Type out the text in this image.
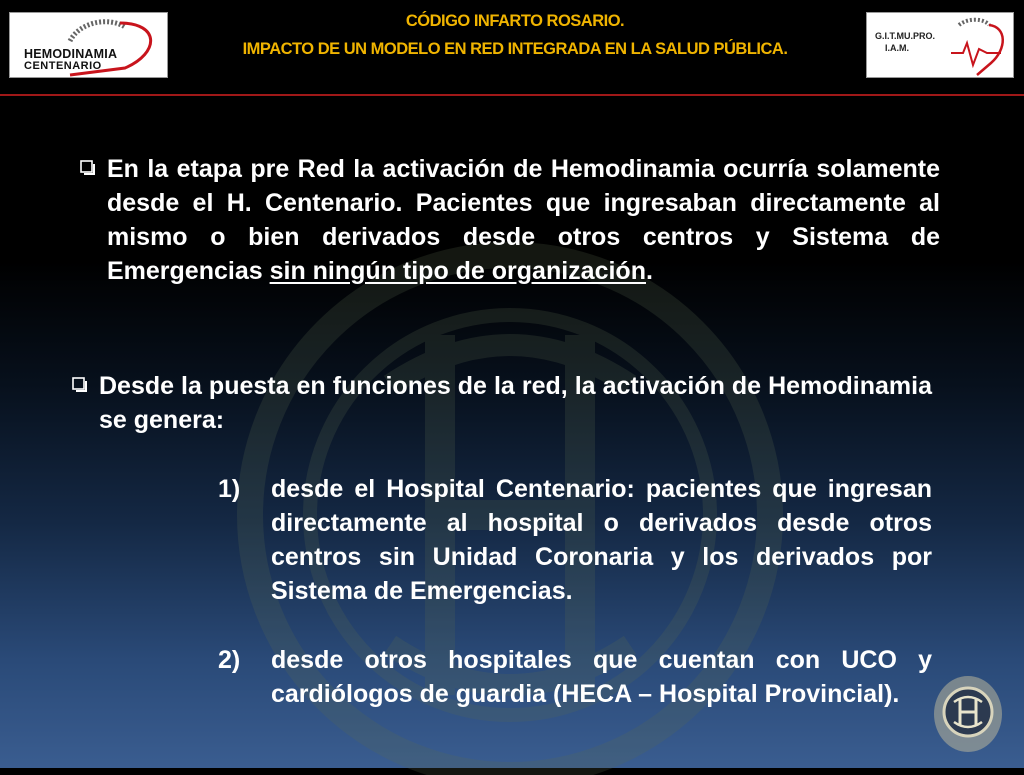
HEMODINAMIA
CENTENARIO
CÓDIGO INFARTO ROSARIO.
IMPACTO DE UN MODELO EN RED INTEGRADA EN LA SALUD PÚBLICA.
G.I.T.MU.PRO.
I.A.M.
En la etapa pre Red la activación de Hemodinamia ocurría solamente desde el H. Centenario. Pacientes que ingresaban directamente al mismo o bien derivados desde otros centros y Sistema de Emergencias sin ningún tipo de organización.
Desde la puesta en funciones de la red, la activación de Hemodinamia se genera:
1) desde el Hospital Centenario: pacientes que ingresan directamente al hospital o derivados desde otros centros sin Unidad Coronaria y los derivados por Sistema de Emergencias.
2) desde otros hospitales que cuentan con UCO y cardiólogos de guardia (HECA – Hospital Provincial).
